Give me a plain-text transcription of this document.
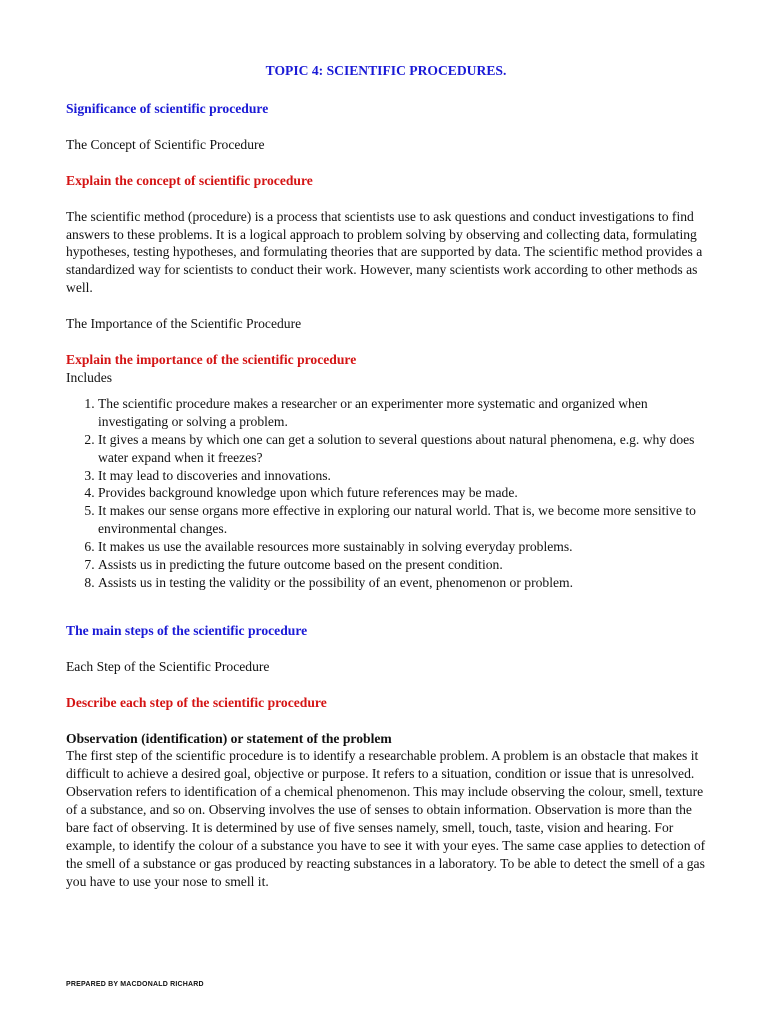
TOPIC 4: SCIENTIFIC PROCEDURES.
Significance of scientific procedure
The Concept of Scientific Procedure
Explain the concept of scientific procedure
The scientific method (procedure) is a process that scientists use to ask questions and conduct investigations to find answers to these problems. It is a logical approach to problem solving by observing and collecting data, formulating hypotheses, testing hypotheses, and formulating theories that are supported by data. The scientific method provides a standardized way for scientists to conduct their work. However, many scientists work according to other methods as well.
The Importance of the Scientific Procedure
Explain the importance of the scientific procedure
Includes
1. The scientific procedure makes a researcher or an experimenter more systematic and organized when investigating or solving a problem.
2. It gives a means by which one can get a solution to several questions about natural phenomena, e.g. why does water expand when it freezes?
3. It may lead to discoveries and innovations.
4. Provides background knowledge upon which future references may be made.
5. It makes our sense organs more effective in exploring our natural world. That is, we become more sensitive to environmental changes.
6. It makes us use the available resources more sustainably in solving everyday problems.
7. Assists us in predicting the future outcome based on the present condition.
8. Assists us in testing the validity or the possibility of an event, phenomenon or problem.
The main steps of the scientific procedure
Each Step of the Scientific Procedure
Describe each step of the scientific procedure
Observation (identification) or statement of the problem
The first step of the scientific procedure is to identify a researchable problem. A problem is an obstacle that makes it difficult to achieve a desired goal, objective or purpose. It refers to a situation, condition or issue that is unresolved. Observation refers to identification of a chemical phenomenon. This may include observing the colour, smell, texture of a substance, and so on. Observing involves the use of senses to obtain information. Observation is more than the bare fact of observing. It is determined by use of five senses namely, smell, touch, taste, vision and hearing. For example, to identify the colour of a substance you have to see it with your eyes. The same case applies to detection of the smell of a substance or gas produced by reacting substances in a laboratory. To be able to detect the smell of a gas you have to use your nose to smell it.
PREPARED BY MACDONALD RICHARD
